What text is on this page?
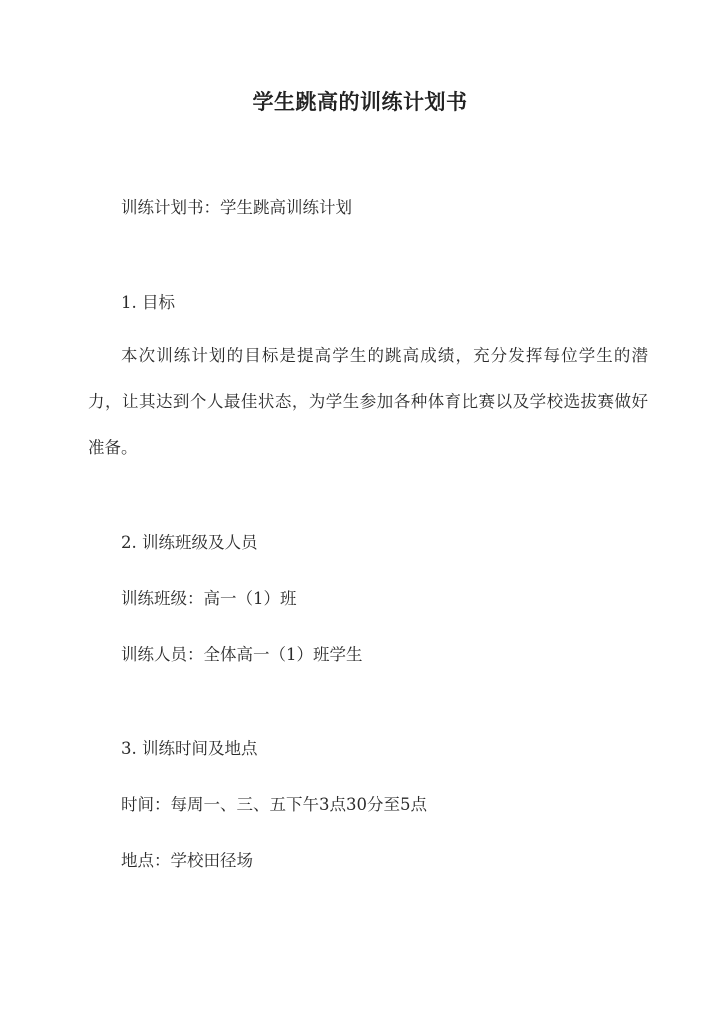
学生跳高的训练计划书
训练计划书：学生跳高训练计划
1. 目标
本次训练计划的目标是提高学生的跳高成绩，充分发挥每位学生的潜力，让其达到个人最佳状态，为学生参加各种体育比赛以及学校选拔赛做好准备。
2. 训练班级及人员
训练班级：高一（1）班
训练人员：全体高一（1）班学生
3. 训练时间及地点
时间：每周一、三、五下午3点30分至5点
地点：学校田径场
